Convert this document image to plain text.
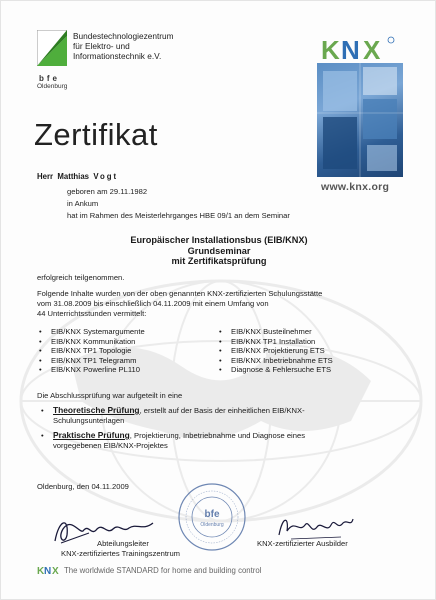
Bundestechnologiezentrum
für Elektro- und
Informationstechnik e.V.
bfe
Oldenburg
K N X
www.knx.org
Zertifikat
Herr Matthias Vogt
geboren am 29.11.1982
in Ankum
hat im Rahmen des Meisterlehrganges HBE 09/1 an dem Seminar
Europäischer Installationsbus (EIB/KNX)
Grundseminar
mit Zertifikatsprüfung
erfolgreich teilgenommen.
Folgende Inhalte wurden von der oben genannten KNX-zertifizierten Schulungsstätte
vom 31.08.2009 bis einschließlich 04.11.2009 mit einem Umfang von
44 Unterrichtsstunden vermittelt:
• EIB/KNX Systemargumente
• EIB/KNX Kommunikation
• EIB/KNX TP1 Topologie
• EIB/KNX TP1 Telegramm
• EIB/KNX Powerline PL110
• EIB/KNX Busteilnehmer
• EIB/KNX TP1 Installation
• EIB/KNX Projektierung ETS
• EIB/KNX Inbetriebnahme ETS
• Diagnose & Fehlersuche ETS
Die Abschlussprüfung war aufgeteilt in eine
• Theoretische Prüfung, erstellt auf der Basis der einheitlichen EIB/KNX-
Schulungsunterlagen
• Praktische Prüfung, Projektierung, Inbetriebnahme und Diagnose eines
vorgegebenen EIB/KNX-Projektes
Oldenburg, den 04.11.2009
bfe
Oldenburg
Abteilungsleiter
KNX-zertifiziertes Trainingszentrum
KNX-zertifizierter Ausbilder
K N X The worldwide STANDARD for home and building control
